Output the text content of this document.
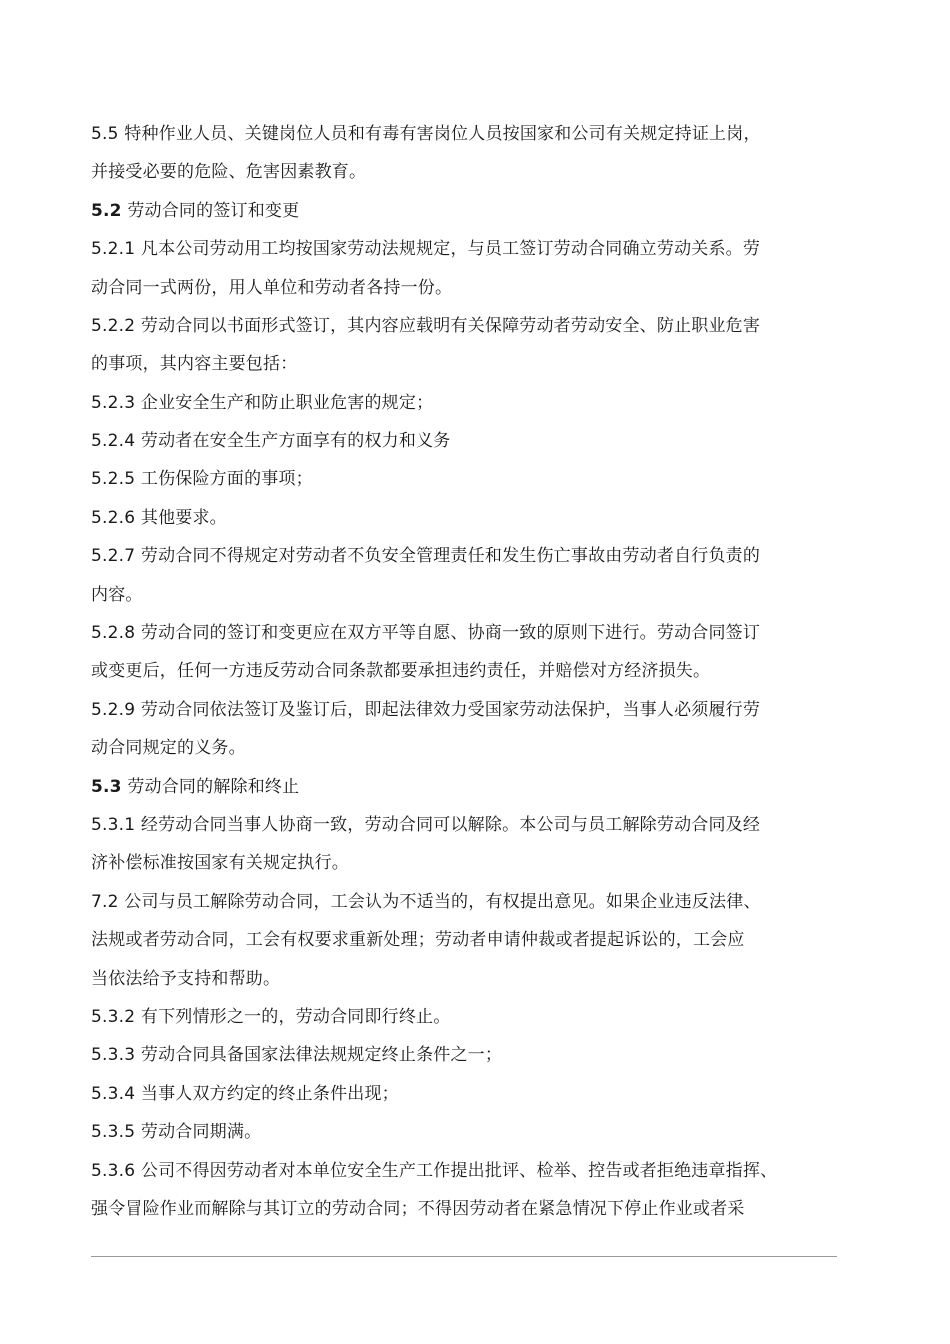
5.5 特种作业人员、关键岗位人员和有毒有害岗位人员按国家和公司有关规定持证上岗，

并接受必要的危险、危害因素教育。

5.2 劳动合同的签订和变更

5.2.1 凡本公司劳动用工均按国家劳动法规规定，与员工签订劳动合同确立劳动关系。劳

动合同一式两份，用人单位和劳动者各持一份。

5.2.2 劳动合同以书面形式签订，其内容应载明有关保障劳动者劳动安全、防止职业危害

的事项，其内容主要包括：

5.2.3 企业安全生产和防止职业危害的规定；

5.2.4 劳动者在安全生产方面享有的权力和义务

5.2.5 工伤保险方面的事项；

5.2.6 其他要求。

5.2.7 劳动合同不得规定对劳动者不负安全管理责任和发生伤亡事故由劳动者自行负责的

内容。

5.2.8 劳动合同的签订和变更应在双方平等自愿、协商一致的原则下进行。劳动合同签订

或变更后，任何一方违反劳动合同条款都要承担违约责任，并赔偿对方经济损失。

5.2.9 劳动合同依法签订及鉴订后，即起法律效力受国家劳动法保护，当事人必须履行劳

动合同规定的义务。

5.3 劳动合同的解除和终止

5.3.1 经劳动合同当事人协商一致，劳动合同可以解除。本公司与员工解除劳动合同及经

济补偿标准按国家有关规定执行。

7.2 公司与员工解除劳动合同，工会认为不适当的，有权提出意见。如果企业违反法律、

法规或者劳动合同，工会有权要求重新处理；劳动者申请仲裁或者提起诉讼的，工会应

当依法给予支持和帮助。

5.3.2 有下列情形之一的，劳动合同即行终止。

5.3.3 劳动合同具备国家法律法规规定终止条件之一；

5.3.4 当事人双方约定的终止条件出现；

5.3.5 劳动合同期满。

5.3.6 公司不得因劳动者对本单位安全生产工作提出批评、检举、控告或者拒绝违章指挥、

强令冒险作业而解除与其订立的劳动合同；不得因劳动者在紧急情况下停止作业或者采
